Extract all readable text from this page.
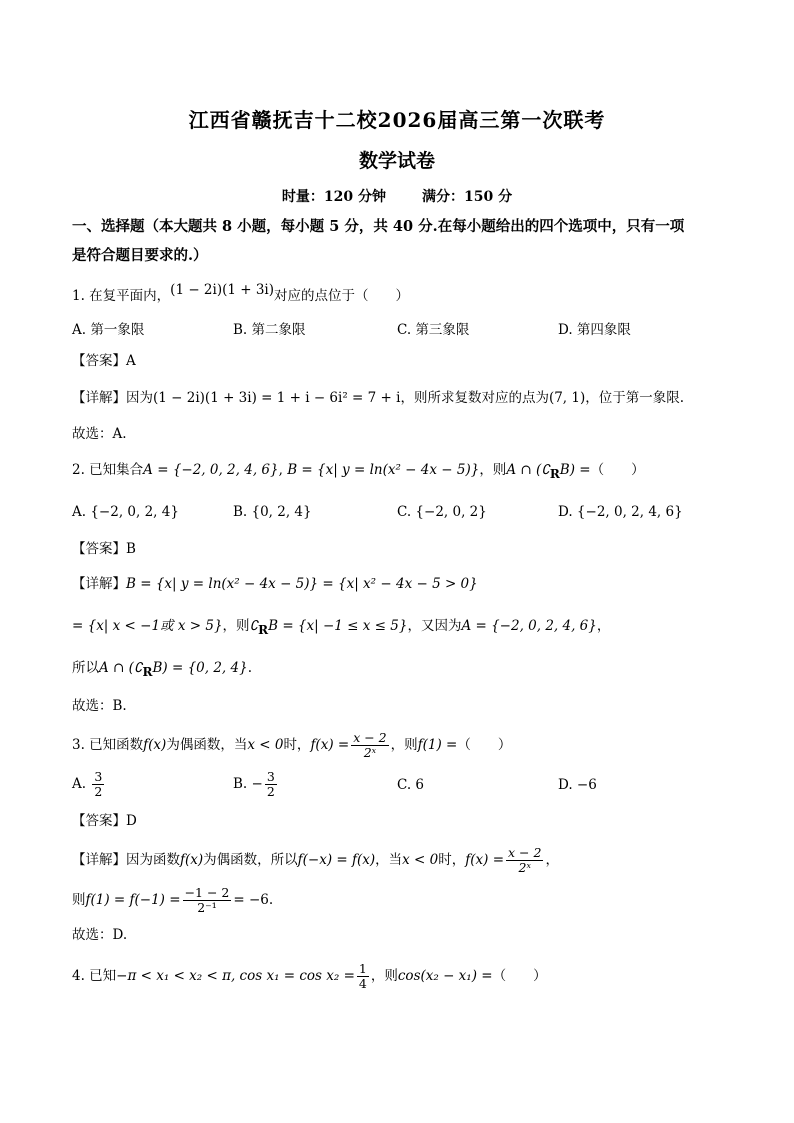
江西省赣抚吉十二校2026届高三第一次联考
数学试卷
时量：120 分钟	满分：150 分
一、选择题（本大题共 8 小题，每小题 5 分，共 40 分.在每小题给出的四个选项中，只有一项
是符合题目要求的.）
1. 在复平面内，(1 − 2i)(1 + 3i)对应的点位于（　　）
A. 第一象限	B. 第二象限	C. 第三象限	D. 第四象限
【答案】A
【详解】因为(1 − 2i)(1 + 3i) = 1 + i − 6i² = 7 + i，则所求复数对应的点为(7, 1)，位于第一象限.
故选：A.
2. 已知集合A = {−2, 0, 2, 4, 6}, B = {x| y = ln(x² − 4x − 5)}，则A ∩ (∁RB) =（　　）
A. {−2, 0, 2, 4}	B. {0, 2, 4}	C. {−2, 0, 2}	D. {−2, 0, 2, 4, 6}
【答案】B
【详解】B = {x| y = ln(x² − 4x − 5)} = {x| x² − 4x − 5 > 0}
= {x| x < −1或 x > 5}，则∁RB = {x| −1 ≤ x ≤ 5}，又因为A = {−2, 0, 2, 4, 6}，
所以A ∩ (∁RB) = {0, 2, 4}.
故选：B.
3. 已知函数f(x)为偶函数，当x < 0时，$f(x) = \frac{x - 2}{\text{2ˣ}}$ ，则f(1) =（　　）
A. $\frac{3}{2}$	B. − $\frac{3}{2}$	C. 6	D. −6
【答案】D
【详解】因为函数f(x)为偶函数，所以f(−x) = f(x)，当x < 0时，$f(x) = \frac{x - 2}{\text{2ˣ}}$ ，
则$f(1) = f(-1) = \frac{-1 - 2}{\text{2⁻¹}} = -6$.
故选：D.
4. 已知−π < x₁ < x₂ < π, $\cos x_1 = \cos x_2 = \frac{1}{4}$ ，则cos(x₂ − x₁) =（　　）
